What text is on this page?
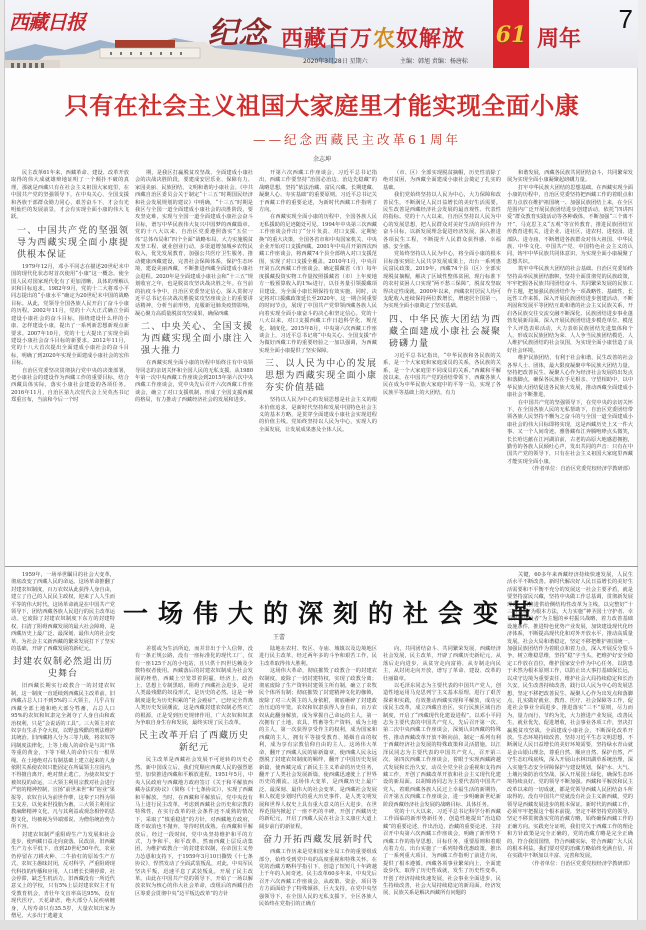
西藏日报	纪念 西藏百万农奴解放 61 周年
7
2020年3月28日 星期六	主编：韩旭 责编：杨唐标
只有在社会主义祖国大家庭里才能实现全面小康
——纪念西藏民主改革61周年
余志坤

民主改革61年来，西藏革命、建设、改革开放取得的伟大成就雄辩地证明了一个颠扑不破的真理，那就是西藏只有在社会主义祖国大家庭里，在中国共产党的坚强领导下，在中央关心、全国支援和各族干部群众勠力同心、艰苦奋斗下，才会有光明灿烂的发展前景，才会有实现全面小康的伟大飞跃。

一、中国共产党的坚强领导为西藏实现全面小康提供根本保证

1979年12月，邓小平同志在描述20世纪末中国的现代化状态时首次使用“小康”这一概念，使全国人民对国家现代化有了更加清晰、具体的理解认识和目标追求。1982年9月，党的十二大将邓小平同志提出的“小康水平”确定为20世纪末中国的战略目标。从此，党领导全国各族人民开启了奋斗小康的历程。2002年11月，党的十六大正式确立全面建设小康社会的奋斗目标，围绕建设什么样的小康、怎样建设小康，提出了一系列新思想新观点新要求。2007年10月，党的十七大提出了实现全面建设小康社会奋斗目标的新要求。2012年11月，党的十八大首次提出全面建成小康社会的奋斗目标，明确了到2020年实现全面建成小康社会的宏伟目标。

自治区党委坚决贯彻执行党中央的决策部署，把小康社会的建设作为西藏工作的重要目标，结合西藏具体实际，落实小康社会建设的各项任务。2016年11月，自治区第九次党代会上吴英杰书记郑重宣布，当前和今后一个时

期，是我区打赢脱贫攻坚战、全面建成小康社会的决战决胜阶段，要建成安居乐业、保障有力、家园美丽、民族团结、文明和谐的小康社会。《中共西藏自治区委员会关于制定“十三五”时期国民经济和社会发展规划的建议》中明确，“十三五”时期是我区与全国一道全面建成小康社会的决胜阶段，要攻坚克难，实现与全国一道全面建成小康社会奋斗目标，谱写中华民族伟大复兴中国梦的西藏篇章。党的十八大以来，自治区党委遵照落实“五位一体”总体布局和“四个全面”战略布局，大力实施脱贫攻坚工程、就业创业行动，多渠道增加城乡农牧民收入，优先发展教育，加强公共医疗卫生服务，推动健康西藏建设，完善社会保障体系，保护生态环境，建设美丽西藏，不断推进西藏全面建成小康社会进程。2020年是全面建成小康社会和“十三五”规划收官之年，也是脱贫攻坚决战决胜之年。在当前的抗疫斗争中，自治区党委坚定信心，深入贯彻习近平总书记在决战决胜脱贫攻坚座谈会上的重要讲话精神，分析当前形势，克服新冠肺炎疫情影响，凝心聚力高质量脱贫攻坚成果，确保西藏

二、中央关心、全国支援为西藏实现全面小康注入强大推力

在西藏实现全面小康的历程中始终注有中央领导同志的亲切关怀和全国人民的无私支援。从1980年第一次中央西藏工作座谈会到2015年第六次中央西藏工作座谈会，党中央先后召开六次西藏工作座谈会，确立了对口支援机制，形成了全国支援西藏的格局，有力推动了西藏经济社会的发展和进步。

开第六次西藏工作座谈会，习近平总书记指出，西藏工作要坚持“治国必治边、治边先稳藏”的战略思想，坚持“依法治藏、富民兴藏、长期建藏、凝聚人心、夯实基础”的重要原则。习近平总书记关于西藏工作的重要论述，为新时代西藏工作指明了方向。

在西藏实现全面小康的历程中，全国各族人民无私援助的足迹随处可见。1994年中央第三次西藏工作座谈会作出了“分片负责、对口支援、定期轮换”的重大决策，全国各省市和中央国家机关、中央企业开始对口支援西藏。2001年中央召开第四次西藏工作座谈会，将西藏74个县全部纳入对口支援范围，实现了对口支援全覆盖。2010年1月，中央召开第五次西藏工作座谈会，确定援藏省（市）每年度援藏投资实物工作量按照援藏省（市）上年度地方一般预算收入的1‰进行，以任务量引领援藏项目建设，为全面小康长期保持有效实施，同时，决定将对口援藏政策延长至2020年，这一期合同重要的时间节点，展现了中国共产党带领西藏各族人民向着实现全面小康奋斗的决心和坚定信心。党的十八大以来，对口支援西藏工作日趋科学化、规范化、制度化。2015年8月，中央第六次西藏工作座谈会上，习近平总书记将“中央关心、全国支援”作为做好西藏工作的重要经验之一加以强调，为西藏实现全面小康提供了坚实保障。

三、以人民为中心的发展思想为西藏实现全面小康夯实价值基础

坚持以人民为中心的发展思想是社会主义的根本价值追求，是新时代坚持和发展中国特色社会主义的基本方略，是贯穿全面建成小康社会实现进程的价值主线。党始终坚持以人民为中心，实现人的全面发展，让发展成果惠及全体人民。

（市、区）全部实现脱贫摘帽，历史性消除了绝对贫困，为西藏全面建成小康社会奠定了扎实的基础。

我们党始终坚持以人民为中心，大力保障和改善民生，不断满足人民日益增长的美好生活需要。民生改善是西藏经济社会发展的最直观性、代表性的指标。党的十八大以来，自治区坚持以人民为中心的发展思想，把人民群众对美好生活的向往作为奋斗目标，以新发展理念促进经济发展，深入推进各项民生工程，不断提升人民群众获得感、幸福感、安全感。

党始终坚持以人民为中心，将全面小康的根本目标落实到让人民共享发展成果上，出台一系列惠民富民政策。2019年，西藏74个县（区）全部实现脱贫摘帽，解决了区域性整体贫困，现行标准下的农村贫困人口实现“两不愁三保障”，脱贫攻坚取得决定性成就。2000年以来，西藏农村居民人均可支配收入连续保持两位数增长，增速居全国第一，为实现全面小康奠定了坚实基础。

四、中华民族大团结为西藏全面建成小康社会凝聚磅礴力量

习近平总书记指出，“中华民族和各民族的关系，是一个大家庭和家庭成员的关系，各民族的关系，是一个大家庭里不同成员的关系。”西藏和平解放以来，在中国共产党的团结带领下，西藏各族人民在成为中华民族大家庭中的平等一员，实现了各民族平等基础上的大团结，有力

和谐发展，西藏各民族共同团结奋斗，共同繁荣发展为实现全面小康凝聚起磅礴力量。

打牢中华民族大团结的思想基础。在西藏实现全面小康的历程中，自治区党委坚持把西藏工作的着眼点和着力点放在维护祖国统一、加强民族团结上来，在全区范围内广泛开展民族团结进步创建活动，依托“四讲四爱”群众教育实践活动等各种载体，不断加强“三个离不开”、马克思主义“五观”等宣传教育，推进民族团结宣传教育进机关、进企业、进社区、进农村、进校园、进部队、进寺庙，不断增进各族群众对伟大祖国、中华民族、中华文化、中国共产党、中国特色社会主义的认同，铸牢中华民族共同体意识，为实现全面小康凝聚了思想共识。

筑牢中华民族大团结的社会基础。自治区党委始终坚持高举民族团结旗帜，坚持全面贯彻党的民族政策，牢牢把握各民族共同团结奋斗、共同繁荣发展的民族工作主题，把加强民族团结作为一项战略性、基础性、长远性工作来抓，深入开展民族团结进步创建活动，不断巩固和发展平等团结互助和谐的社会主义民族关系，开启各民族交往交流交融不断深化、民族团结进步事业蓬勃发展新局面。深入开展民族团结进步模范单位、模范个人评选表彰活动，大力表彰民族团结先进集体和个人，形成以民族团结为荣、人人争当民族团结模范、人人维护民族团结的社会氛围，为实现全面小康营造了良好社会环境。

维护民族团结，有利于社会和谐，民生改善的社会各界人士、团体，最大限度凝聚中华民族大团结力量。坚持把改善民生、凝聚人心作为经济社会发展的出发点和落脚点，确保各民族在手足相亲、守望相助中，以中华民族大团结促进各民族大发展，推动西藏全面建成小康社会不断推进。

在中国共产党的坚强领导下，在党中央的亲切关怀下，在全国各族人民的无私帮助下，自治区党委团结带领各族人民坚持不懈为之奋斗的与全国一道全面建成小康社会的伟大目标即将实现，这是西藏历史上又一件大事、又一个人间奇迹。雅鲁藏布江奔腾咆哮点头微笑，长长哈达献在江河湖泊前，古老的高原大地感恩拥抱，勤劳的各族人民倾吐心声，发出共同的声音：只有在中国共产党的领导下，只有在社会主义祖国大家庭里西藏才能实现全面小康。

（作者单位：自治区党委党校经济学教研部）

一场伟大的深刻的社会变革
王蕾

1959年，一场举世瞩目的社会大变革，彻底改变了西藏人民的命运。这场革命推翻了封建农奴制度，百万农奴从此获得人身自由，建立了自己的人民民主政权，迎来了人人生而平等的伟大时代。这场革命就是在中国共产党领导下，团结西藏各族人民进行的民主改革运动。它废除了封建农奴制度下东方的封建特权，扫清了阻碍西藏发展的最大社会障碍，是西藏历史上最广泛、最深刻、最伟大的社会变革，为社会主义新西藏的繁荣发展打下了坚实的基础，开辟了西藏发展的新纪元。

封建农奴制必然退出历史舞台

旧西藏长期实行政教合一的封建农奴制，这一制度一直延续到西藏民主改革前。旧西藏占总人口不到5%的三大领主，几乎占有西藏全部土地和绝大部分牲畜，占总人口95%的农奴和奴隶完全剥夺了人身自由和政治权利，只是“会说话的工具”。三大领主对农奴享有生杀予夺大权，以野蛮残酷的刑法维护其统治。旧西藏将人分为三等九级，将农奴等同制度法律化，上等上级人的命价是与其尸体等重的黄金，下等下级人的命价只有一根草绳。在土地绝对占有制基础上建立起来的人身依附关系使农奴只能固定在所属领主庄园内，不得擅自离开，绝对禁止逃亡。为使农奴安于被奴役的命运，三大领主利用宗教对社会进行严密的精神控制，宣扬“前世来世”和“宿业”果报等，农奴自认为前世作孽，这辈子只得为领主支差，以免来世投胎为畜。三大领主利用宗教麻醉精神文化，凡与其利益或观念相悖的思想文化，均被视为异端邪说，为僧俗统治势力所不容。

封建农奴制严重阻碍生产力发展和社会进步，使西藏日益走向衰落。民改前，旧西藏生产力水平低下，直到20世纪50年代，农业仍停留在刀耕火种、二牛抬杠的原始生产方式，农奴主愚昧封闭，反对科学，严重阻碍现代科技的传播和应用，人口增长长期停滞，社会停滞，缺乏生机活力。旧西藏没有一所近代意义上的学校，只有5%上层封建农奴主才有受教育机会，青壮年文盲率高达95%，没有现代医疗，天花肆虐，绝大部分人民疾病缠身，人均寿命只有35.5岁，大量农奴出家为僧尼，大多出于逃避支

差徭或为生活所迫，而并非出于个人信仰，没有一条正规公路，没有一座标准化的现代工厂，仅有一座125千瓦的小电站，且只供十四世达赖及少数特权者使用。西藏落后的封建农奴制成为社会发展的桎梏，西藏上空笼罩着阴霾，经济上、政治上、思想上专制黑暗，阻碍了西藏社会进步，是对人类最残酷的奴役形式，是历史的必然。这是一种制度退化为历史积累的“社会癌症”，已经完全背离人类历史发展潮流，这是西藏封建农奴制必然灭亡的根源，正是受到历史规律作用，广大农奴和奴隶为争取自身生存和发展，最终实现了民主改革。

民主改革开启了西藏历史新纪元

民主改革是西藏社会发展不可逆转的历史必然。新中国成立后，我们党顺应西藏人民的强烈愿望，加快推进西藏和平解放进程。1951年5月，中央人民政府与西藏地方政府签订《关于和平解放西藏办法的协议》（简称《十七条协议》），实现了西藏和平解放。当时，在西藏和平解放后，党中央没有马上进行民主改革，考虑到西藏社会历史和宗教的特殊性，在实行改革的社会条件还不成熟的情况下，采取了“慎重稳进”的方针，对西藏地方政府，既不取消也不抛弃，等待时机成熟。在西藏和平解放后，经过一段时间，党中央坚持维护和平的方式，力争和平、和平改革。然而西藏上层反动集团，为维护政教合一的封建农奴制，在帝国主义势力怂恿和支持下，于1959年3月10日撕毁《十七条协议》，悍然发动了全面武装叛乱，对此，中央军民坚决平叛，迅速平息了武装叛乱，开展了民主改革。由此在中国共产党的领导下，开始了一场以解放农奴为核心的伟大社会革命，改组后的西藏自治区筹委会贯彻中央“边平叛边改革”的方针

陆地在农村、牧区、寺庙、城镇以及边境地区进行民主改革，经过两年多的斗争和艰苦工作，民主改革取得伟大胜利。

这场伟大革命，彻底摧毁了政教合一的封建农奴制度，废除了一切封建特权，实现了政教分离；彻底废除了生产资料封建领主所有制，确立了农牧民个体所有制；彻底摧毁了封建精神文化的枷锁，废除了对三大领主的人身依附，彻底砸碎了封建政治压迫的牢笼。农奴和奴隶获得人身自由，百万农奴从此翻身解放，成为掌握自己命运的主人，第一次拥有了土地、农具、牲畜等生产资料，成为土地的主人，第一次获得享受作主的权利，成为国家和西藏的主人，拥有平等接受教育、婚姻自由的权利，成为享有宗教信仰自由的主人。这场伟大革命，翻开了西藏人民的崭新篇章，使西藏人民永远摆脱了封建农奴制度的羁绊，翻开了中国历史发展新篇，使西藏完成了新民主主义革命的历史任务，翻开了人类社会发展新篇，使西藏迅速驶上了世界历史的潮流。这场伟大变革，是西藏历史上最广泛、最深刻、最伟大的社会变革，是西藏社会发展和人权进步划时代的重大历史事件，是人类文明发展和世界人权史上具有重大意义的巨大进步，在世界范围内掀起了一座不朽的丰碑，开创了西藏历史的新纪元，开启了西藏人民在社会主义康庄大道上阔步前行的新征程。

奋力开拓西藏发展新时代

西藏工作历来是党和国家全局工作的重要组成部分，始终受到党中央的高度重视和特殊关怀。在党的治藏方略科学指引下，创造了短短几十年跨越上千年的人间奇迹。民主改革60多年来，中央先后召开六次西藏工作座谈会，从政策、资金、项目等方方面面给予了特殊倾斜，巨大支持。在党中央坚强领导下，在全国人民的无私支援下，全区各族人民始终在党指引的正确方

向，共同团结奋斗、共同繁荣发展，西藏经济社会发展，民主改革，开辟了西藏历史新纪元，从落后走向进步，从贫穷走向富裕，从专制走向民主，从封闭走向开放，谱写了革命、建设、改革的壮丽篇章。

以毛泽东同志为主要代表的中国共产党人，创造性地运用马克思列宁主义基本原理，进行了艰苦探索和实践，有效推动西藏实现和平解放，成功完成民主改革，成立西藏自治区，实行民族区域自治制度，开启了“西藏现代化建设进程”。以邓小平同志为主要代表的中国共产党人，先后召开第一次、第二次中央西藏工作座谈会，深刻认识西藏的特殊性，推动西藏改革开放不断向前，制定一系列有利于西藏经济社会发展的特殊政策和灵活措施。以江泽民同志为主要代表的中国共产党人，召开第三次、第四次西藏工作座谈会，着眼于实现西藏跨越式发展和长治久安，动员全党全社会重视和支持西藏工作，开创了西藏改革开放和社会主义现代化建设的新局面。以胡锦涛同志为主要代表的中国共产党人，着眼西藏各族人民过上幸福生活的新期待，召开第五次西藏工作座谈会，进一步明确新世纪新阶段西藏经济社会发展的战略目标、具体任务。

党的十八大以来，习近平总书记科学分析西藏工作面临的新形势新任务，创造性地提出“治边稳藏”的重要论述，作出治边、治藏的重要论述，主持召开中央第六次西藏工作座谈会，明确了新形势下西藏工作的指导思想、目标任务，重要原则和着眼点着力点，出台实施了一系列特殊优惠政策，推出了一系列重大项目，为西藏工作指明了前进方向，提供了根本遵循。西藏各项事业繁荣向上，全面建设步伐，取得了历史性成就，发生了历史性变革，开创了经济持续快速发展，社会事业全面进步，民生持续改善，社会大局持续稳定的新局面。经济发展，民族关系是解决西藏所有问题的

关键，60多年来西藏经济持续快速发展，人民生活水平不断改善。新时代解决好人民日益增长的美好生活需要和不平衡不充分的发展这一社会主要矛盾，就是要坚持富民兴藏，坚持中央做工作总基调，贯彻新发展理念，以推进供给侧结构性改革为主线，以完整好“十三对关系”为根本方法，大力实施“神圣国土守护者、幸福家园建设者”为主题的乡村振兴战略，着力改善基础设施条件，推进特色优势产业发展，加快建设现代化经济体系，不断提高现代化和对外开放水平，推动高质量发展。社会大局和谐稳定，坚定不移把维护祖国统一、加强民族团结作为着眼点和着力点，深入开展反分裂斗争，树立维稳思维，坚持“稳”字当头，把维护好安全稳定工作放在首位，维护国家安全作为中心任务，以防患于未然为根本原则工作，以防止出大事打基础保长远，以戍守边境为重要责任，维护社会大局持续稳定和长治久安。民生改善持续改善，践行以人民为中心的发展思想，坚定不移把改善民生、凝聚人心作为出发点和落脚点，扎实做好就业、教育、医疗、社会保障等工作，促进社会事业全面进步，推进落实“三不”原则，尽力而为，量力而行，节约为先，大力推进产业发展，改善民生，就业优先，促进增收，社会事业各项工作，坚决打赢脱贫攻坚战，全面建成小康社会，不断深化改革开放。生态环境持续改善，坚持习近平生态文明思想，不断满足人民日益增长的美好环境需要，坚持绿水青山就是金山银山理念，尊重自然、顺应自然、保护自然，严守生态红线底线，深入开展山水林田湖草系统治理，深入实施生态安全屏障保护与建设规划，保护水、大气、土壤污染防治攻坚战，深入开展国土绿化，确保生态环境持续良好。党的领导不断加强。西藏和平解放和民主改革以来的一切成就，都是党领导西藏人民团结奋斗所取得的。没有中国共产党就没有社会主义新西藏，党的领导是西藏发展进步的根本保证。新时代的西藏工作，必须牢牢把握这个根本前提，坚定不移坚持党的领导，坚定不移贯彻落实党的治藏方略，始终确保西藏工作的正确方向。实践充分证明，我们党关于西藏工作的理论和方针政策是完全正确的，党的治藏方略是完全正确的，符合我国国情，符合西藏实际，符合西藏广大人民的根本利益。我们要对党的治藏方略始终充满自信，并在实践中不断加以丰富、完善和发展。

（作者单位：自治区党委党校经济学教研部）
